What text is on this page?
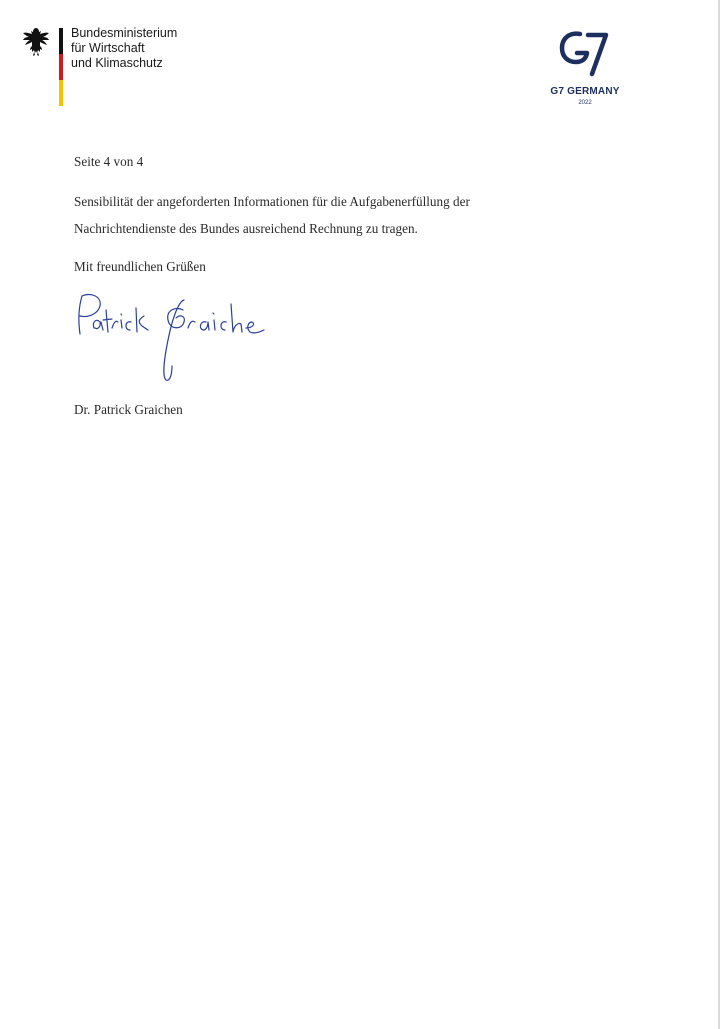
Bundesministerium
für Wirtschaft
und Klimaschutz
G7 GERMANY
2022
Seite 4 von 4
Sensibilität der angeforderten Informationen für die Aufgabenerfüllung der
Nachrichtendienste des Bundes ausreichend Rechnung zu tragen.
Mit freundlichen Grüßen
Dr. Patrick Graichen
